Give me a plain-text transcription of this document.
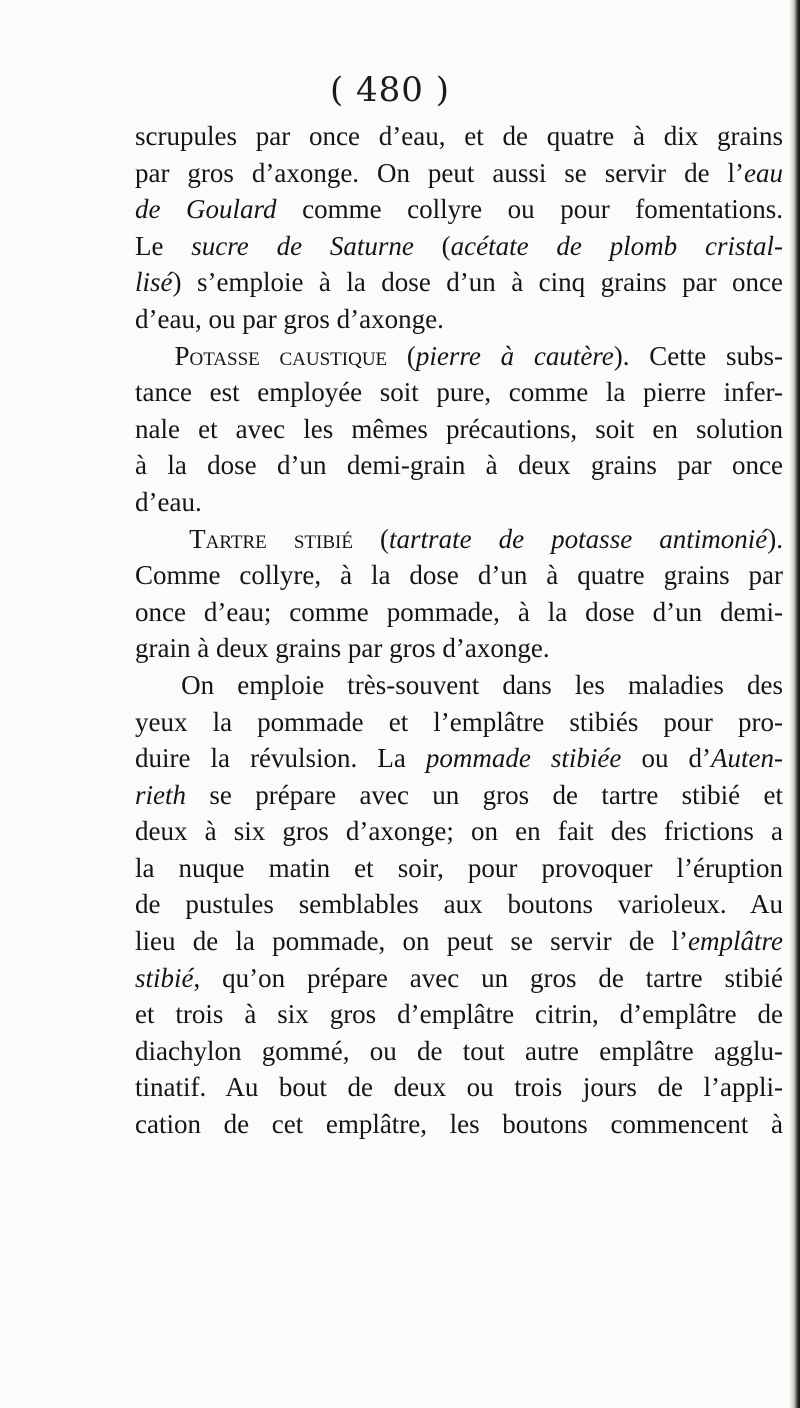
( 480 )
scrupules par once d’eau, et de quatre à dix grains
par gros d’axonge. On peut aussi se servir de l’eau
de Goulard comme collyre ou pour fomentations.
Le sucre de Saturne (acétate de plomb cristal-
lisé) s’emploie à la dose d’un à cinq grains par once
d’eau, ou par gros d’axonge.
Potasse caustique (pierre à cautère). Cette subs-
tance est employée soit pure, comme la pierre infer-
nale et avec les mêmes précautions, soit en solution
à la dose d’un demi-grain à deux grains par once
d’eau.
Tartre stibié (tartrate de potasse antimonié).
Comme collyre, à la dose d’un à quatre grains par
once d’eau; comme pommade, à la dose d’un demi-
grain à deux grains par gros d’axonge.
On emploie très-souvent dans les maladies des
yeux la pommade et l’emplâtre stibiés pour pro-
duire la révulsion. La pommade stibiée ou d’Auten-
rieth se prépare avec un gros de tartre stibié et
deux à six gros d’axonge; on en fait des frictions a
la nuque matin et soir, pour provoquer l’éruption
de pustules semblables aux boutons varioleux. Au
lieu de la pommade, on peut se servir de l’emplâtre
stibié, qu’on prépare avec un gros de tartre stibié
et trois à six gros d’emplâtre citrin, d’emplâtre de
diachylon gommé, ou de tout autre emplâtre agglu-
tinatif. Au bout de deux ou trois jours de l’appli-
cation de cet emplâtre, les boutons commencent à
